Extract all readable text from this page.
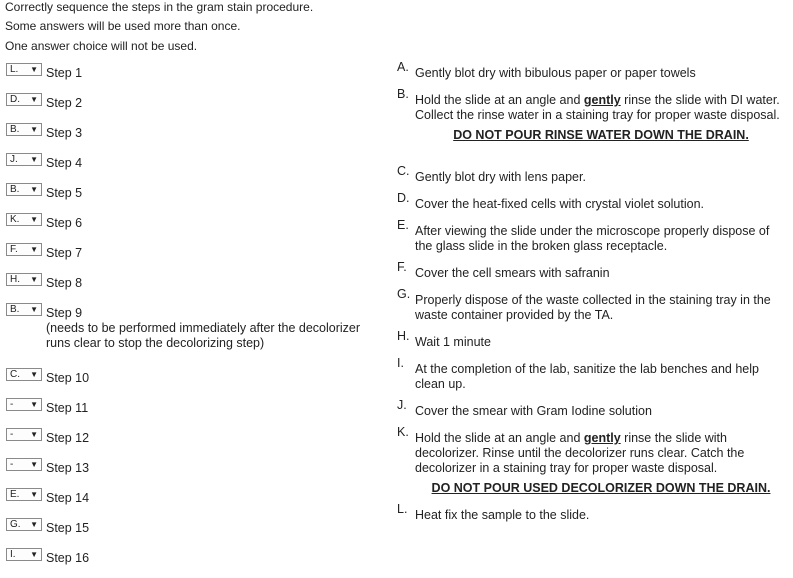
Correctly sequence the steps in the gram stain procedure.
Some answers will be used more than once.
One answer choice will not be used.
L. ▼ Step 1
D. ▼ Step 2
B. ▼ Step 3
J. ▼ Step 4
B. ▼ Step 5
K. ▼ Step 6
F. ▼ Step 7
H. ▼ Step 8
B. ▼ Step 9
(needs to be performed immediately after the decolorizer runs clear to stop the decolorizing step)
C. ▼ Step 10
- ▼ Step 11
- ▼ Step 12
- ▼ Step 13
E. ▼ Step 14
G. ▼ Step 15
I. ▼ Step 16
A. Gently blot dry with bibulous paper or paper towels
B. Hold the slide at an angle and gently rinse the slide with DI water. Collect the rinse water in a staining tray for proper waste disposal.
DO NOT POUR RINSE WATER DOWN THE DRAIN.
C. Gently blot dry with lens paper.
D. Cover the heat-fixed cells with crystal violet solution.
E. After viewing the slide under the microscope properly dispose of the glass slide in the broken glass receptacle.
F. Cover the cell smears with safranin
G. Properly dispose of the waste collected in the staining tray in the waste container provided by the TA.
H. Wait 1 minute
I. At the completion of the lab, sanitize the lab benches and help clean up.
J. Cover the smear with Gram Iodine solution
K. Hold the slide at an angle and gently rinse the slide with decolorizer. Rinse until the decolorizer runs clear. Catch the decolorizer in a staining tray for proper waste disposal.
DO NOT POUR USED DECOLORIZER DOWN THE DRAIN.
L. Heat fix the sample to the slide.
